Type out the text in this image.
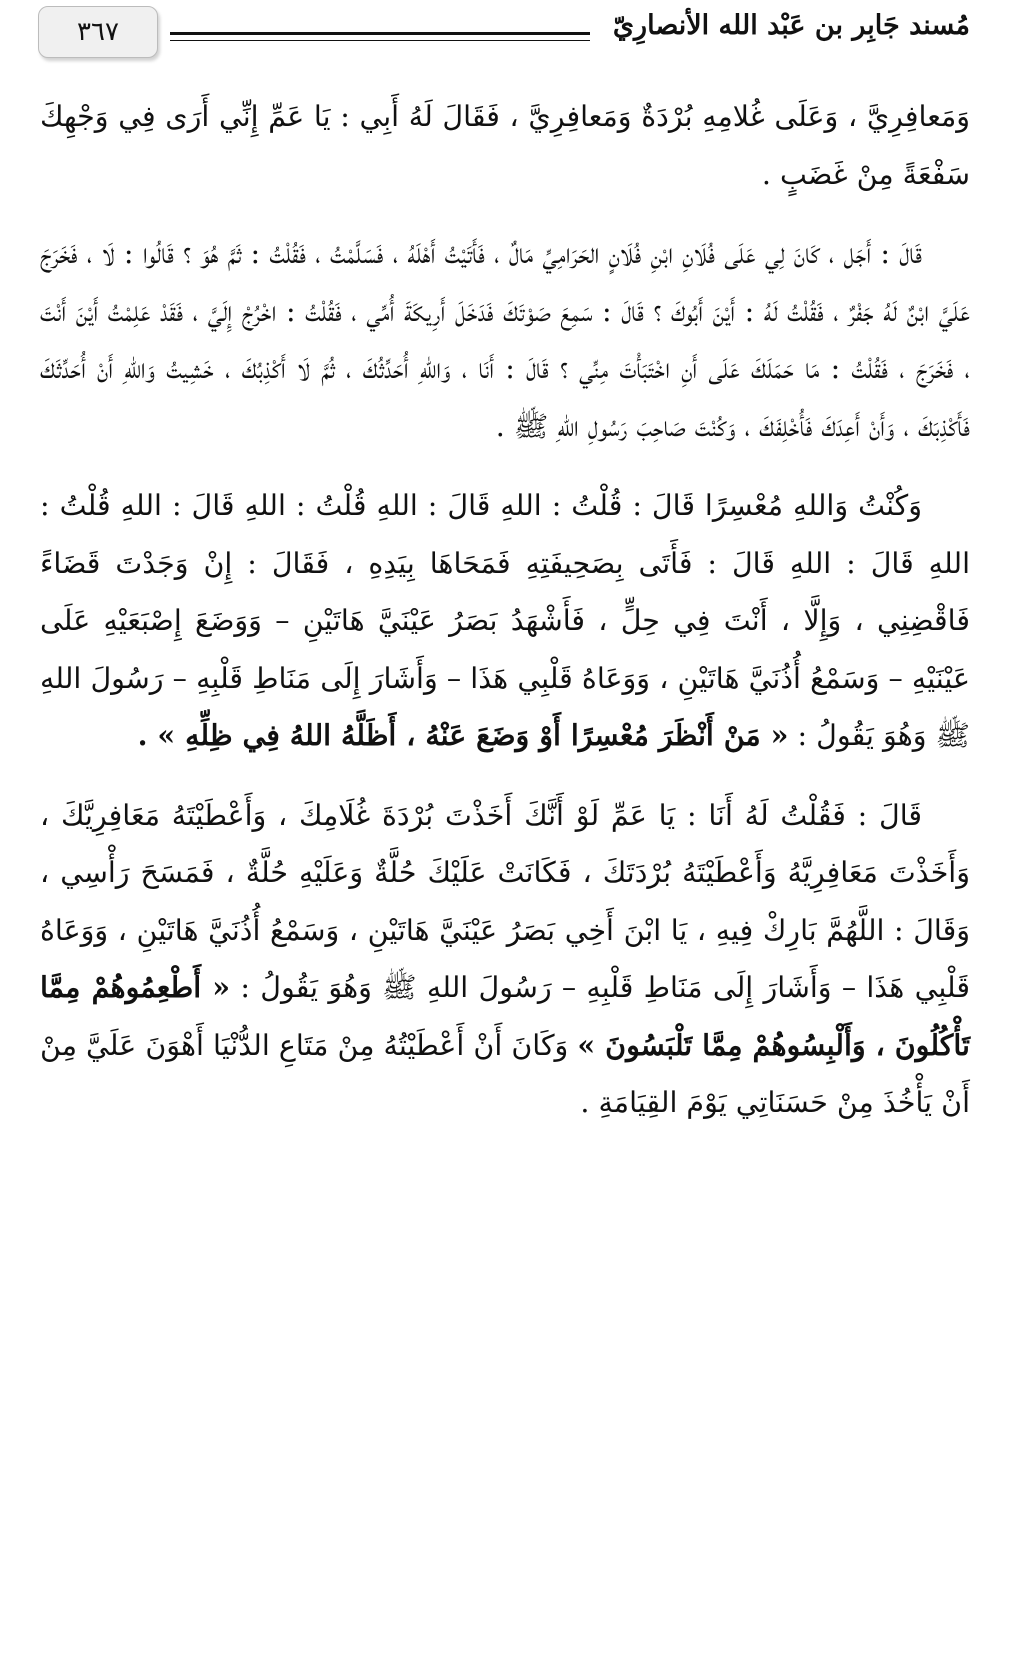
٣٦٧	مُسند جَابِر بن عَبْد الله الأنصارِيّ

وَمَعافِرِيَّ ، وَعَلَى غُلامِهِ بُرْدَةٌ وَمَعافِرِيَّ ، فَقَالَ لَهُ أَبِي : يَا عَمِّ إِنِّي أَرَى فِي وَجْهِكَ سَفْعَةً مِنْ غَضَبٍ .

قَالَ : أَجَل ، كَانَ لِي عَلَى فُلَانِ ابْنِ فُلَانٍ الحَرَامِيِّ مَالٌ ، فَأَتَيْتُ أَهْلَهُ ، فَسَلَّمْتُ ، فَقُلْتُ : ثَمَّ هُوَ ؟ قَالُوا : لَا ، فَخَرَجَ عَلَيَّ ابْنٌ لَهُ جَفْرٌ ، فَقُلْتُ لَهُ : أَيْنَ أَبُوكَ ؟ قَالَ : سَمِعَ صَوْتَكَ فَدَخَلَ أَرِيكَةَ أُمِّي ، فَقُلْتُ : اخْرُجْ إِلَيَّ ، فَقَدْ عَلِمْتُ أَيْنَ أَنْتَ ، فَخَرَجَ ، فَقُلْتُ : مَا حَمَلَكَ عَلَى أَنِ اخْتَبَأْتَ مِنِّي ؟ قَالَ : أَنَا ، وَاللهِ أُحَدِّثُكَ ، ثُمَّ لَا أَكْذِبُكَ ، خَشِيتُ وَاللهِ أَنْ أُحَدِّثَكَ فَأَكْذِبَكَ ، وَأَنْ أَعِدَكَ فَأُخْلِفَكَ ، وَكُنْتَ صَاحِبَ رَسُولِ اللهِ ﷺ .

وَكُنْتُ وَاللهِ مُعْسِرًا قَالَ : قُلْتُ : اللهِ قَالَ : اللهِ قُلْتُ : اللهِ قَالَ : اللهِ قُلْتُ : اللهِ قَالَ : اللهِ قَالَ : فَأَتَى بِصَحِيفَتِهِ فَمَحَاهَا بِيَدِهِ ، فَقَالَ : إِنْ وَجَدْتَ قَضَاءً فَاقْضِنِي ، وَإِلَّا ، أَنْتَ فِي حِلٍّ ، فَأَشْهَدُ بَصَرُ عَيْنَيَّ هَاتَيْنِ – وَوَضَعَ إِصْبَعَيْهِ عَلَى عَيْنَيْهِ – وَسَمْعُ أُذُنَيَّ هَاتَيْنِ ، وَوَعَاهُ قَلْبِي هَذَا – وَأَشَارَ إِلَى مَنَاطِ قَلْبِهِ – رَسُولَ اللهِ ﷺ وَهُوَ يَقُولُ : « مَنْ أَنْظَرَ مُعْسِرًا أَوْ وَضَعَ عَنْهُ ، أَظَلَّهُ اللهُ فِي ظِلِّهِ » .

قَالَ : فَقُلْتُ لَهُ أَنَا : يَا عَمِّ لَوْ أَنَّكَ أَخَذْتَ بُرْدَةَ غُلَامِكَ ، وَأَعْطَيْتَهُ مَعَافِرِيَّكَ ، وَأَخَذْتَ مَعَافِرِيَّهُ وَأَعْطَيْتَهُ بُرْدَتَكَ ، فَكَانَتْ عَلَيْكَ حُلَّةٌ وَعَلَيْهِ حُلَّةٌ ، فَمَسَحَ رَأْسِي ، وَقَالَ : اللَّهُمَّ بَارِكْ فِيهِ ، يَا ابْنَ أَخِي بَصَرُ عَيْنَيَّ هَاتَيْنِ ، وَسَمْعُ أُذُنَيَّ هَاتَيْنِ ، وَوَعَاهُ قَلْبِي هَذَا – وَأَشَارَ إِلَى مَنَاطِ قَلْبِهِ – رَسُولَ اللهِ ﷺ وَهُوَ يَقُولُ : « أَطْعِمُوهُمْ مِمَّا تَأْكُلُونَ ، وَأَلْبِسُوهُمْ مِمَّا تَلْبَسُونَ » وَكَانَ أَنْ أَعْطَيْتُهُ مِنْ مَتَاعِ الدُّنْيَا أَهْوَنَ عَلَيَّ مِنْ أَنْ يَأْخُذَ مِنْ حَسَنَاتِي يَوْمَ القِيَامَةِ .
